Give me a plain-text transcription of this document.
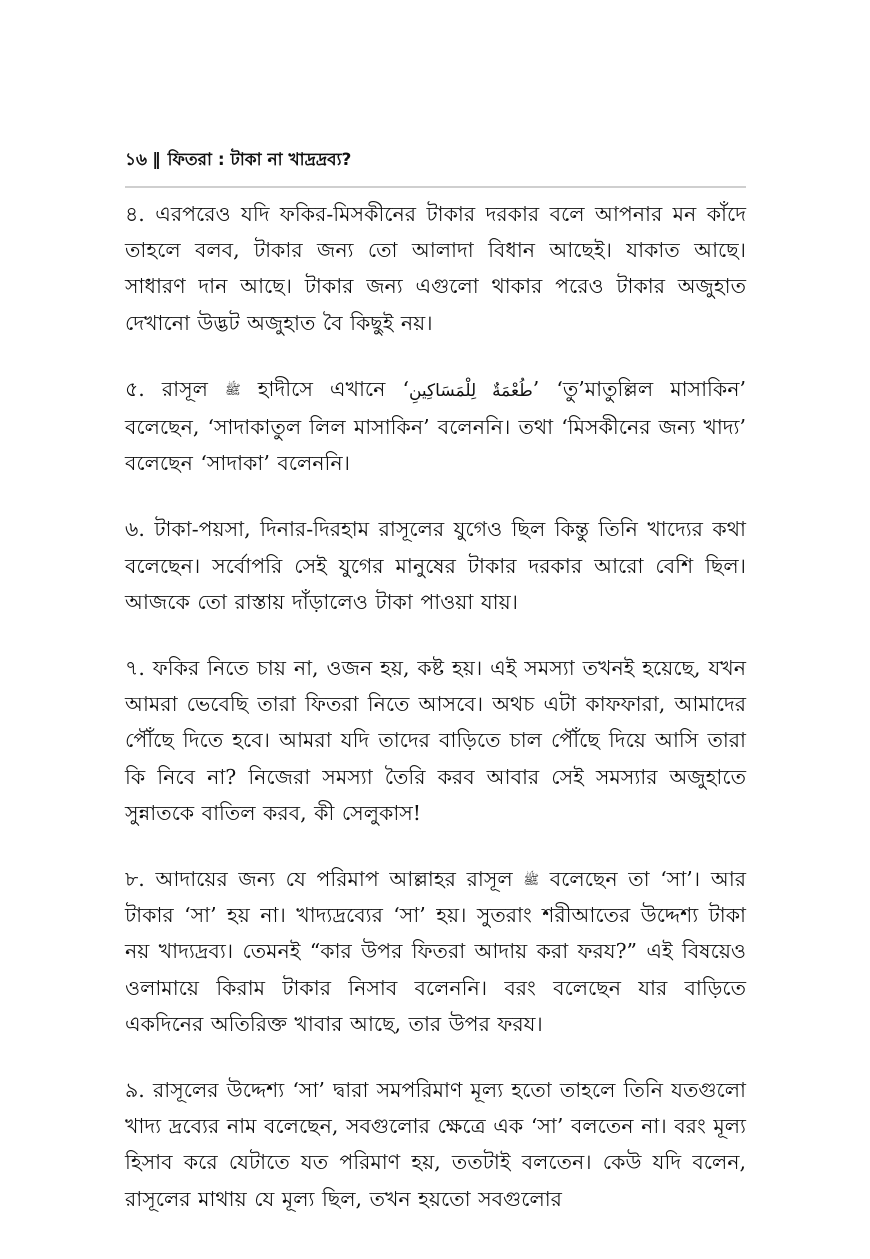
১৬ ‖ ফিতরা : টাকা না খাদ্রদ্রব্য?

৪. এরপরেও যদি ফকির-মিসকীনের টাকার দরকার বলে আপনার মন কাঁদে তাহলে বলব, টাকার জন্য তো আলাদা বিধান আছেই। যাকাত আছে। সাধারণ দান আছে। টাকার জন্য এগুলো থাকার পরেও টাকার অজুহাত দেখানো উদ্ভট অজুহাত বৈ কিছুই নয়।

৫. রাসূল ﷺ হাদীসে এখানে ‘طُعْمَةٌ لِلْمَسَاكِينِ’ ‘তু’মাতুল্লিল মাসাকিন’ বলেছেন, ‘সাদাকাতুল লিল মাসাকিন’ বলেননি। তথা ‘মিসকীনের জন্য খাদ্য’ বলেছেন ‘সাদাকা’ বলেননি।

৬. টাকা-পয়সা, দিনার-দিরহাম রাসূলের যুগেও ছিল কিন্তু তিনি খাদ্যের কথা বলেছেন। সর্বোপরি সেই যুগের মানুষের টাকার দরকার আরো বেশি ছিল। আজকে তো রাস্তায় দাঁড়ালেও টাকা পাওয়া যায়।

৭. ফকির নিতে চায় না, ওজন হয়, কষ্ট হয়। এই সমস্যা তখনই হয়েছে, যখন আমরা ভেবেছি তারা ফিতরা নিতে আসবে। অথচ এটা কাফফারা, আমাদের পৌঁছে দিতে হবে। আমরা যদি তাদের বাড়িতে চাল পৌঁছে দিয়ে আসি তারা কি নিবে না? নিজেরা সমস্যা তৈরি করব আবার সেই সমস্যার অজুহাতে সুন্নাতকে বাতিল করব, কী সেলুকাস!

৮. আদায়ের জন্য যে পরিমাপ আল্লাহর রাসূল ﷺ বলেছেন তা ‘সা’। আর টাকার ‘সা’ হয় না। খাদ্যদ্রব্যের ‘সা’ হয়। সুতরাং শরীআতের উদ্দেশ্য টাকা নয় খাদ্যদ্রব্য। তেমনই “কার উপর ফিতরা আদায় করা ফরয?” এই বিষয়েও ওলামায়ে কিরাম টাকার নিসাব বলেননি। বরং বলেছেন যার বাড়িতে একদিনের অতিরিক্ত খাবার আছে, তার উপর ফরয।

৯. রাসূলের উদ্দেশ্য ‘সা’ দ্বারা সমপরিমাণ মূল্য হতো তাহলে তিনি যতগুলো খাদ্য দ্রব্যের নাম বলেছেন, সবগুলোর ক্ষেত্রে এক ‘সা’ বলতেন না। বরং মূল্য হিসাব করে যেটাতে যত পরিমাণ হয়, ততটাই বলতেন। কেউ যদি বলেন, রাসূলের মাথায় যে মূল্য ছিল, তখন হয়তো সবগুলোর
